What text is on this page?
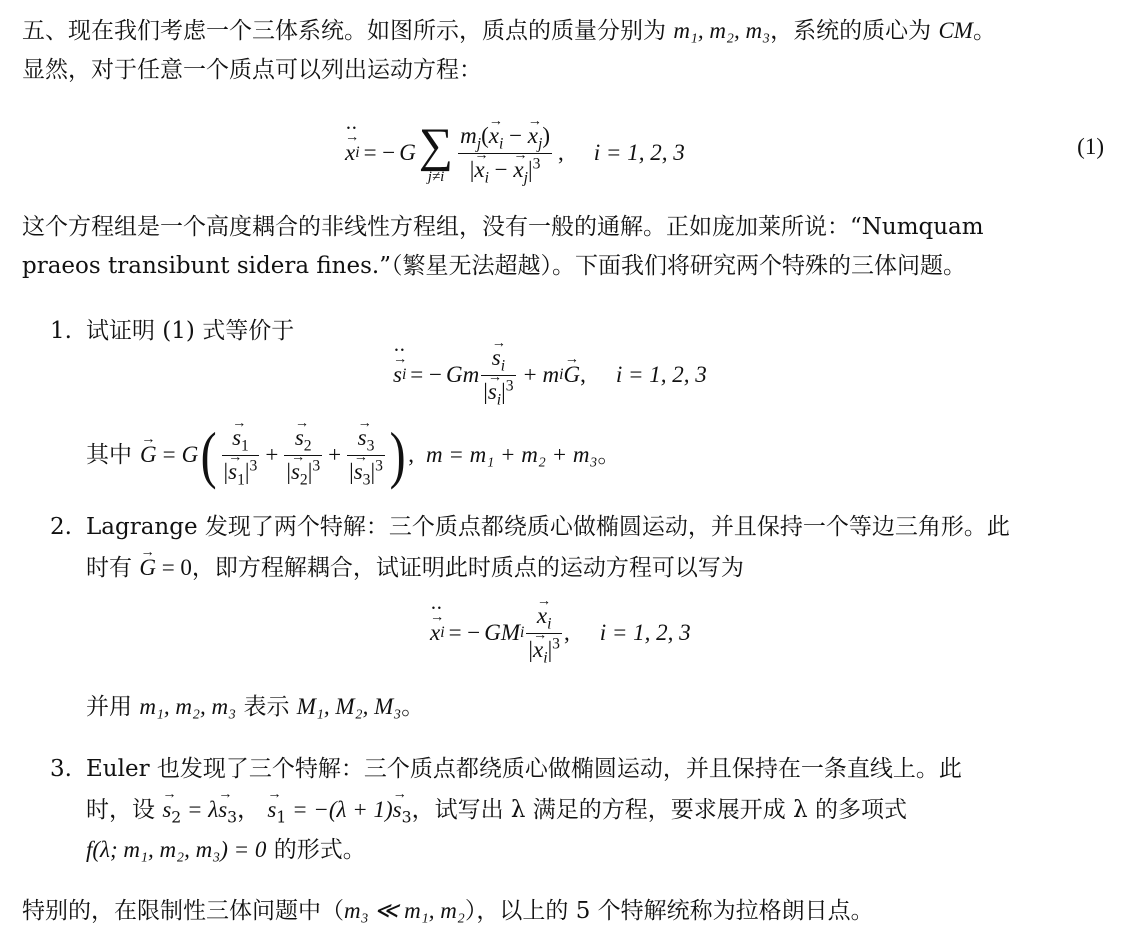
五、现在我们考虑一个三体系统。如图所示，质点的质量分别为 m₁, m₂, m₃，系统的质心为 CM。
显然，对于任意一个质点可以列出运动方程：
→ x ·· i = − G ∑
$j\ne i \frac{m_j(\to x_i - \to x_j)}{|\to x_i - \to x_j|^3}$ , i = 1, 2, 3	(1)
这个方程组是一个高度耦合的非线性方程组，没有一般的通解。正如庞加莱所说：“Numquam
praeos transibunt sidera fines.”（繁星无法超越）。下面我们将研究两个特殊的三体问题。
1. 试证明 (1) 式等价于
→ s ·· i = − Gm
→ $\frac{s_i}{|\to s_i|^3} + m$ i
→ G , i = 1, 2, 3
其中
→ G = G (
→ $\frac{s_1}{|\to s_1|^3}$ +
→ $\frac{s_2}{|\to s_2|^3}$ +
→ $\frac{s_3}{|\to s_3|^3}$ ) , m = m₁ + m₂ + m₃ 。
2. Lagrange 发现了两个特解：三个质点都绕质心做椭圆运动，并且保持一个等边三角形。此
时有 → G = 0，即方程解耦合，试证明此时质点的运动方程可以写为
→ x ·· i = − GM i
→ $\frac{x_i}{|\to x_i|^3}$ , i = 1, 2, 3
并用 m₁, m₂, m₃ 表示 M₁, M₂, M₃。
3. Euler 也发现了三个特解：三个质点都绕质心做椭圆运动，并且保持在一条直线上。此
时，设 → $s_2 = \lambda\to s_3$， → $s_1 = -(\lambda + 1)\to s_3$，试写出 λ 满足的方程，要求展开成 λ 的多项式
f(λ; m₁, m₂, m₃) = 0 的形式。
特别的，在限制性三体问题中（m₃ ≪ m₁, m₂），以上的 5 个特解统称为拉格朗日点。
